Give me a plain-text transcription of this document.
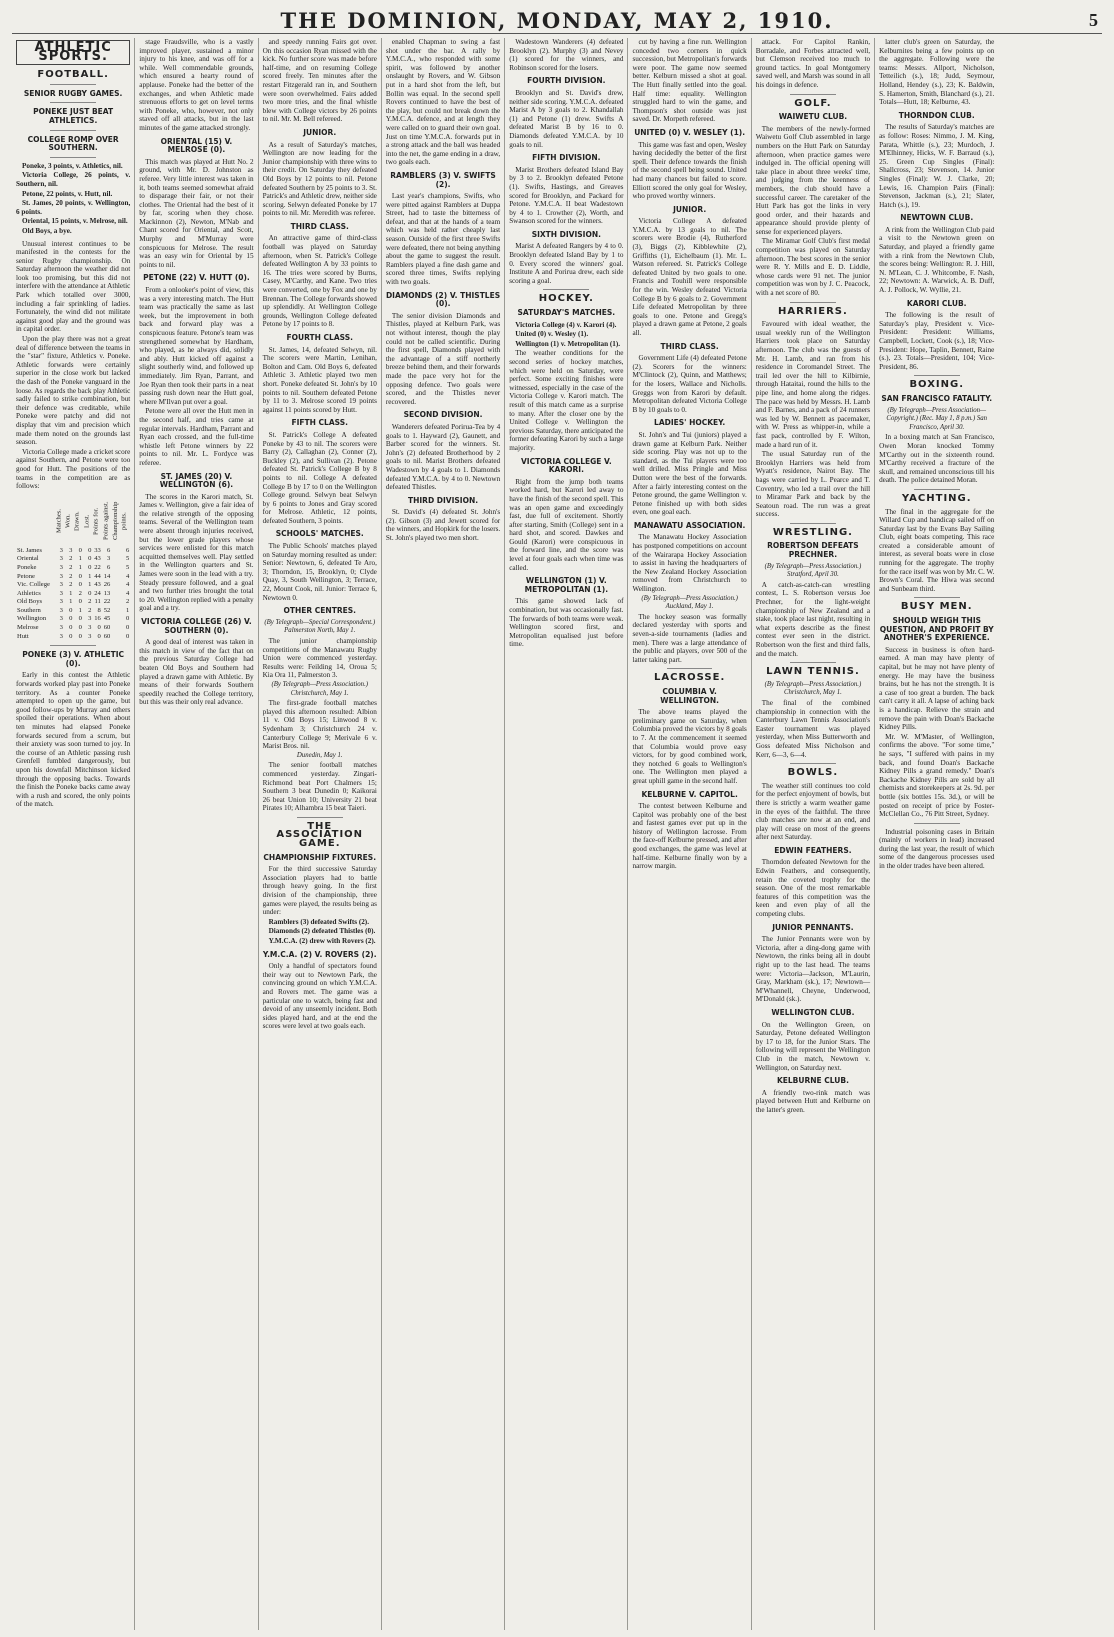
THE DOMINION, MONDAY, MAY 2, 1910.	5
ATHLETIC SPORTS.
FOOTBALL.
SENIOR RUGBY GAMES.
PONEKE JUST BEAT ATHLETICS.
COLLEGE ROMP OVER SOUTHERN.
Poneke, 3 points, v. Athletics, nil.
Victoria College, 26 points, v. Southern, nil.
Petone, 22 points, v. Hutt, nil.
St. James, 20 points, v. Wellington, 6 points.
Oriental, 15 points, v. Melrose, nil.
Old Boys, a bye.

Unusual interest continues to be manifested in the contests for the senior Rugby championship. On Saturday afternoon the weather did not look too promising, but this did not interfere with the attendance at Athletic Park which totalled over 3000, including a fair sprinkling of ladies. Fortunately, the wind did not militate against good play and the ground was in capital order.

Upon the play there was not a great deal of difference between the teams in the "star" fixture, Athletics v. Poneke. Athletic forwards were certainly superior in the close work but lacked the dash of the Poneke vanguard in the loose. As regards the back play Athletic sadly failed to strike combination, but their defence was creditable, while Poneke were patchy and did not display that vim and precision which made them noted on the grounds last season.

Victoria College made a cricket score against Southern, and Petone were too good for Hutt. The positions of the teams in the competition are as follows:

	Matches.	Won.	Drawn.	Lost.	Points for.	Points against.	Championship points.
St. James	3	3	0	0	33	6	6
Oriental	3	2	1	0	43	3	5
Poneke	3	2	1	0	22	6	5
Petone	3	2	0	1	44	14	4
Vic. College	3	2	0	1	43	26	4
Athletics	3	1	2	0	24	13	4
Old Boys	3	1	0	2	11	22	2
Southern	3	0	1	2	8	52	1
Wellington	3	0	0	3	16	45	0
Melrose	3	0	0	3	0	60	0
Hutt	3	0	0	3	0	60	0
PONEKE (3) V. ATHLETIC (0).

Early in this contest the Athletic forwards worked play past into Poneke territory. As a counter Poneke attempted to open up the game, but good follow-ups by Murray and others spoiled their operations. When about ten minutes had elapsed Poneke forwards secured from a scrum, but their anxiety was soon turned to joy. In the course of an Athletic passing rush Grenfell fumbled dangerously, but upon his downfall Mitchinson kicked through the opposing backs. Towards the finish the Poneke backs came away with a rush and scored, the only points of the match.

stage Fraudsville, who is a vastly improved player, sustained a minor injury to his knee, and was off for a while. Well commendable grounds, which ensured a hearty round of applause. Poneke had the better of the exchanges, and when Athletic made strenuous efforts to get on level terms with Poneke, who, however, not only staved off all attacks, but in the last minutes of the game attacked strongly.

ORIENTAL (15) V. MELROSE (0).

This match was played at Hutt No. 2 ground, with Mr. D. Johnston as referee. Very little interest was taken in it, both teams seemed somewhat afraid to disparage their fair, or not their clothes. The Oriental had the best of it by far, scoring when they chose. Mackinnon (2), Newton, M'Nab and Chant scored for Oriental, and Scott, Murphy and M'Murray were conspicuous for Melrose. The result was an easy win for Oriental by 15 points to nil.

PETONE (22) V. HUTT (0).

From a onlooker's point of view, this was a very interesting match. The Hutt team was practically the same as last week, but the improvement in both back and forward play was a conspicuous feature. Petone's team was strengthened somewhat by Hardham, who played, as he always did, solidly and ably. Hutt kicked off against a slight southerly wind, and followed up immediately. Jim Ryan, Parrant, and Joe Ryan then took their parts in a neat passing rush down near the Hutt goal, where M'Ilvan put over a goal.

Petone were all over the Hutt men in the second half, and tries came at regular intervals. Hardham, Parrant and Ryan each crossed, and the full-time whistle left Petone winners by 22 points to nil. Mr. L. Fordyce was referee.

ST. JAMES (20) V. WELLINGTON (6).

The scores in the Karori match, St. James v. Wellington, give a fair idea of the relative strength of the opposing teams. Several of the Wellington team were absent through injuries received, but the lower grade players whose services were enlisted for this match acquitted themselves well. Play settled in the Wellington quarters and St. James were soon in the lead with a try. Steady pressure followed, and a goal and two further tries brought the total to 20. Wellington replied with a penalty goal and a try.

VICTORIA COLLEGE (26) V. SOUTHERN (0).

A good deal of interest was taken in this match in view of the fact that on the previous Saturday College had beaten Old Boys and Southern had played a drawn game with Athletic. By means of their forwards Southern speedily reached the College territory, but this was their only real advance.

and speedy running Fairs got over. On this occasion Ryan missed with the kick. No further score was made before half-time, and on resuming College scored freely. Ten minutes after the restart Fitzgerald ran in, and Southern were soon overwhelmed. Fairs added two more tries, and the final whistle blew with College victors by 26 points to nil. Mr. M. Bell refereed.

JUNIOR.

As a result of Saturday's matches, Wellington are now leading for the Junior championship with three wins to their credit. On Saturday they defeated Old Boys by 12 points to nil. Petone defeated Southern by 25 points to 3. St. Patrick's and Athletic drew, neither side scoring. Selwyn defeated Poneke by 17 points to nil. Mr. Meredith was referee.

THIRD CLASS.

An attractive game of third-class football was played on Saturday afternoon, when St. Patrick's College defeated Wellington A by 33 points to 16. The tries were scored by Burns, Casey, M'Carthy, and Kane. Two tries were converted, one by Fox and one by Brennan. The College forwards showed up splendidly. At Wellington College grounds, Wellington College defeated Petone by 17 points to 8.

FOURTH CLASS.

St. James, 14, defeated Selwyn, nil. The scorers were Martin, Lenihan, Bolton and Cam. Old Boys 6, defeated Athletic 3. Athletic played two men short. Poneke defeated St. John's by 10 points to nil. Southern defeated Petone by 11 to 3. Melrose scored 19 points against 11 points scored by Hutt.

FIFTH CLASS.

St. Patrick's College A defeated Poneke by 43 to nil. The scorers were Barry (2), Callaghan (2), Conner (2), Buckley (2), and Sullivan (2). Petone defeated St. Patrick's College B by 8 points to nil. College A defeated College B by 17 to 0 on the Wellington College ground. Selwyn beat Selwyn by 6 points to Jones and Gray scored for Melrose. Athletic, 12 points, defeated Southern, 3 points.

SCHOOLS' MATCHES.

The Public Schools' matches played on Saturday morning resulted as under: Senior: Newtown, 6, defeated Te Aro, 3; Thorndon, 15, Brooklyn, 0; Clyde Quay, 3, South Wellington, 3; Terrace, 22, Mount Cook, nil. Junior: Terrace 6, Newtown 0.

OTHER CENTRES.
(By Telegraph—Special Correspondent.) Palmerston North, May 1.

The junior championship competitions of the Manawatu Rugby Union were commenced yesterday. Results were: Feilding 14, Oroua 5; Kia Ora 11, Palmerston 3.

(By Telegraph—Press Association.) Christchurch, May 1.

The first-grade football matches played this afternoon resulted: Albion 11 v. Old Boys 15; Linwood 8 v. Sydenham 3; Christchurch 24 v. Canterbury College 9; Merivale 6 v. Marist Bros. nil.

Dunedin, May 1.

The senior football matches commenced yesterday. Zingari-Richmond beat Port Chalmers 15; Southern 3 beat Dunedin 0; Kaikorai 26 beat Union 10; University 21 beat Pirates 10; Alhambra 15 beat Taieri.

THE ASSOCIATION GAME.
CHAMPIONSHIP FIXTURES.

For the third successive Saturday Association players had to battle through heavy going. In the first division of the championship, three games were played, the results being as under:

Ramblers (3) defeated Swifts (2).
Diamonds (2) defeated Thistles (0).
Y.M.C.A. (2) drew with Rovers (2).
Y.M.C.A. (2) V. ROVERS (2).

Only a handful of spectators found their way out to Newtown Park, the convincing ground on which Y.M.C.A. and Rovers met. The game was a particular one to watch, being fast and devoid of any unseemly incident. Both sides played hard, and at the end the scores were level at two goals each.

enabled Chapman to swing a fast shot under the bar. A rally by Y.M.C.A., who responded with some spirit, was followed by another onslaught by Rovers, and W. Gibson put in a hard shot from the left, but Bollin was equal. In the second spell Rovers continued to have the best of the play, but could not break down the Y.M.C.A. defence, and at length they were called on to guard their own goal. Just on time Y.M.C.A. forwards put in a strong attack and the ball was headed into the net, the game ending in a draw, two goals each.

RAMBLERS (3) V. SWIFTS (2).

Last year's champions, Swifts, who were pitted against Ramblers at Duppa Street, had to taste the bitterness of defeat, and that at the hands of a team which was held rather cheaply last season. Outside of the first three Swifts were defeated, there not being anything about the game to suggest the result. Ramblers played a fine dash game and scored three times, Swifts replying with two goals.

DIAMONDS (2) V. THISTLES (0).

The senior division Diamonds and Thistles, played at Kelburn Park, was not without interest, though the play could not be called scientific. During the first spell, Diamonds played with the advantage of a stiff northerly breeze behind them, and their forwards made the pace very hot for the opposing defence. Two goals were scored, and the Thistles never recovered.

SECOND DIVISION.

Wanderers defeated Porirua-Tea by 4 goals to 1. Hayward (2), Gaunett, and Barber scored for the winners. St. John's (2) defeated Brotherhood by 2 goals to nil. Marist Brothers defeated Wadestown by 4 goals to 1. Diamonds defeated Y.M.C.A. by 4 to 0. Newtown defeated Thistles.

THIRD DIVISION.

St. David's (4) defeated St. John's (2). Gibson (3) and Jewett scored for the winners, and Hopkirk for the losers. St. John's played two men short.

Wadestown Wanderers (4) defeated Brooklyn (2). Murphy (3) and Nevey (1) scored for the winners, and Robinson scored for the losers.

FOURTH DIVISION.

Brooklyn and St. David's drew, neither side scoring. Y.M.C.A. defeated Marist A by 3 goals to 2. Khandallah (1) and Petone (1) drew. Swifts A defeated Marist B by 16 to 0. Diamonds defeated Y.M.C.A. by 10 goals to nil.

FIFTH DIVISION.

Marist Brothers defeated Island Bay by 3 to 2. Brooklyn defeated Petone (1). Swifts, Hastings, and Greaves scored for Brooklyn, and Packard for Petone. Y.M.C.A. II beat Wadestown by 4 to 1. Crowther (2), Worth, and Swanson scored for the winners.

SIXTH DIVISION.

Marist A defeated Rangers by 4 to 0. Brooklyn defeated Island Bay by 1 to 0. Every scored the winners' goal. Institute A and Porirua drew, each side scoring a goal.

HOCKEY.
SATURDAY'S MATCHES.
Victoria College (4) v. Karori (4).
United (0) v. Wesley (1).
Wellington (1) v. Metropolitan (1).

The weather conditions for the second series of hockey matches, which were held on Saturday, were perfect. Some exciting finishes were witnessed, especially in the case of the Victoria College v. Karori match. The result of this match came as a surprise to many. After the closer one by the United College v. Wellington the previous Saturday, there anticipated the former defeating Karori by such a large majority.

VICTORIA COLLEGE V. KARORI.

Right from the jump both teams worked hard, but Karori led away to have the finish of the second spell. This was an open game and exceedingly fast, due full of excitement. Shortly after starting, Smith (College) sent in a hard shot, and scored. Dawkes and Gould (Karori) were conspicuous in the forward line, and the score was level at four goals each when time was called.

WELLINGTON (1) V. METROPOLITAN (1).

This game showed lack of combination, but was occasionally fast. The forwards of both teams were weak. Wellington scored first, and Metropolitan equalised just before time.

cut by having a fine run. Wellington conceded two corners in quick succession, but Metropolitan's forwards were poor. The game now seemed better. Kelburn missed a shot at goal. The Hutt finally settled into the goal. Half time: equality. Wellington struggled hard to win the game, and Thompson's shot outside was just saved. Dr. Morpeth refereed.

UNITED (0) V. WESLEY (1).

This game was fast and open, Wesley having decidedly the better of the first spell. Their defence towards the finish of the second spell being sound. United had many chances but failed to score. Elliott scored the only goal for Wesley, who proved worthy winners.

JUNIOR.

Victoria College A defeated Y.M.C.A. by 13 goals to nil. The scorers were Brodie (4), Rutherford (3), Biggs (2), Kibblewhite (2), Griffiths (1), Eichelbaum (1). Mr. L. Watson refereed. St. Patrick's College defeated United by two goals to one. Francis and Touhill were responsible for the win. Wesley defeated Victoria College B by 6 goals to 2. Government Life defeated Metropolitan by three goals to one. Petone and Gregg's played a drawn game at Petone, 2 goals all.

THIRD CLASS.

Government Life (4) defeated Petone (2). Scorers for the winners: M'Clintock (2), Quinn, and Matthews; for the losers, Wallace and Nicholls. Greggs won from Karori by default. Metropolitan defeated Victoria College B by 10 goals to 0.

LADIES' HOCKEY.

St. John's and Tui (juniors) played a drawn game at Kelburn Park. Neither side scoring. Play was not up to the standard, as the Tui players were too well drilled. Miss Pringle and Miss Dutton were the best of the forwards. After a fairly interesting contest on the Petone ground, the game Wellington v. Petone finished up with both sides even, one goal each.

MANAWATU ASSOCIATION.

The Manawatu Hockey Association has postponed competitions on account of the Wairarapa Hockey Association to assist in having the headquarters of the New Zealand Hockey Association removed from Christchurch to Wellington.

(By Telegraph—Press Association.) Auckland, May 1.

The hockey season was formally declared yesterday with sports and seven-a-side tournaments (ladies and men). There was a large attendance of the public and players, over 500 of the latter taking part.

LACROSSE.
COLUMBIA V. WELLINGTON.

The above teams played the preliminary game on Saturday, when Columbia proved the victors by 8 goals to 7. At the commencement it seemed that Columbia would prove easy victors, for by good combined work, they notched 6 goals to Wellington's one. The Wellington men played a great uphill game in the second half.

KELBURNE V. CAPITOL.

The contest between Kelburne and Capitol was probably one of the best and fastest games ever put up in the history of Wellington lacrosse. From the face-off Kelburne pressed, and after good exchanges, the game was level at half-time. Kelburne finally won by a narrow margin.

attack. For Capitol Rankin, Borradale, and Forbes attracted well, but Clemson received too much to ground tactics. In goal Montgomery saved well, and Marsh was sound in all his doings in defence.

GOLF.
WAIWETU CLUB.

The members of the newly-formed Waiwetu Golf Club assembled in large numbers on the Hutt Park on Saturday afternoon, when practice games were indulged in. The official opening will take place in about three weeks' time, and judging from the keenness of members, the club should have a successful career. The caretaker of the Hutt Park has got the links in very good order, and their hazards and appearance should provide plenty of sense for experienced players.

The Miramar Golf Club's first medal competition was played on Saturday afternoon. The best scores in the senior were R. Y. Mills and E. D. Liddle, whose cards were 91 net. The junior competition was won by J. C. Peacock, with a net score of 80.

HARRIERS.

Favoured with ideal weather, the usual weekly run of the Wellington Harriers took place on Saturday afternoon. The club was the guests of Mr. H. Lamb, and ran from his residence in Coromandel Street. The trail led over the hill to Kilbirnie, through Hataitai, round the hills to the pipe line, and home along the ridges. The pace was held by Messrs. H. Lamb and F. Barnes, and a pack of 24 runners was led by W. Bennett as pacemaker, with W. Press as whipper-in, while a fast pack, controlled by F. Wilton, made a hard run of it.

The usual Saturday run of the Brooklyn Harriers was held from Wyatt's residence, Nairot Bay. The bags were carried by L. Pearce and T. Coventry, who led a trail over the hill to Miramar Park and back by the Seatoun road. The run was a great success.

WRESTLING.
ROBERTSON DEFEATS PRECHNER.
(By Telegraph—Press Association.) Stratford, April 30.

A catch-as-catch-can wrestling contest, L. S. Robertson versus Joe Prechner, for the light-weight championship of New Zealand and a stake, took place last night, resulting in what experts describe as the finest contest ever seen in the district. Robertson won the first and third falls, and the match.

LAWN TENNIS.
(By Telegraph—Press Association.) Christchurch, May 1.

The final of the combined championship in connection with the Canterbury Lawn Tennis Association's Easter tournament was played yesterday, when Miss Butterworth and Goss defeated Miss Nicholson and Kerr, 6—3, 6—4.

BOWLS.

The weather still continues too cold for the perfect enjoyment of bowls, but there is strictly a warm weather game in the eyes of the faithful. The three club matches are now at an end, and play will cease on most of the greens after next Saturday.

EDWIN FEATHERS.

Thorndon defeated Newtown for the Edwin Feathers, and consequently, retain the coveted trophy for the season. One of the most remarkable features of this competition was the keen and even play of all the competing clubs.

JUNIOR PENNANTS.

The Junior Pennants were won by Victoria, after a ding-dong game with Newtown, the rinks being all in doubt right up to the last head. The teams were: Victoria—Jackson, M'Laurin, Gray, Markham (sk.), 17; Newtown—M'Whannell, Cheyne, Underwood, M'Donald (sk.).

WELLINGTON CLUB.

On the Wellington Green, on Saturday, Petone defeated Wellington by 17 to 18, for the Junior Stars. The following will represent the Wellington Club in the match, Newtown v. Wellington, on Saturday next.

KELBURNE CLUB.

A friendly two-rink match was played between Hutt and Kelburne on the latter's green.

latter club's green on Saturday, the Kelburnites being a few points up on the aggregate. Following were the teams: Messrs. Allport, Nicholson, Tetteilich (s.), 18; Judd, Seymour, Holland, Hendey (s.), 23; K. Baldwin, S. Hamerton, Smith, Blanchard (s.), 21. Totals—Hutt, 18; Kelburne, 43.

THORNDON CLUB.

The results of Saturday's matches are as follow: Roses: Nimmo, J. M. King, Parata, Whittle (s.), 23; Murdoch, J. M'Elhinney, Hicks, W. F. Barraud (s.), 25. Green Cup Singles (Final): Shallcross, 23; Stevenson, 14. Junior Singles (Final): W. J. Clarke, 20; Lewis, 16. Champion Pairs (Final): Stevenson, Jackman (s.), 21; Slater, Hatch (s.), 19.

NEWTOWN CLUB.

A rink from the Wellington Club paid a visit to the Newtown green on Saturday, and played a friendly game with a rink from the Newtown Club, the scores being: Wellington: R. J. Hill, N. M'Lean, C. J. Whitcombe, F. Nash, 22; Newtown: A. Warwick, A. B. Duff, A. J. Pollock, W. Wyllie, 21.

KARORI CLUB.

The following is the result of Saturday's play, President v. Vice-President: President: Williams, Campbell, Lockett, Cook (s.), 18; Vice-President: Hope, Taplin, Bennett, Raine (s.), 23. Totals—President, 104; Vice-President, 86.

BOXING.
SAN FRANCISCO FATALITY.
(By Telegraph—Press Association—Copyright.) (Rec. May 1, 8 p.m.) San Francisco, April 30.

In a boxing match at San Francisco, Owen Moran knocked Tommy M'Carthy out in the sixteenth round. M'Carthy received a fracture of the skull, and remained unconscious till his death. The police detained Moran.

YACHTING.

The final in the aggregate for the Willard Cup and handicap sailed off on Saturday last by the Evans Bay Sailing Club, eight boats competing. This race created a considerable amount of interest, as several boats were in close running for the aggregate. The trophy for the race itself was won by Mr. C. W. Brown's Coral. The Hiwa was second and Sunbeam third.

BUSY MEN.
SHOULD WEIGH THIS QUESTION, AND PROFIT BY ANOTHER'S EXPERIENCE.

Success in business is often hard-earned. A man may have plenty of capital, but he may not have plenty of energy. He may have the business brains, but he has not the strength. It is a case of too great a burden. The back can't carry it all. A lapse of aching back is a handicap. Relieve the strain and remove the pain with Doan's Backache Kidney Pills.

Mr. W. M'Master, of Wellington, confirms the above. "For some time," he says, "I suffered with pains in my back, and found Doan's Backache Kidney Pills a grand remedy." Doan's Backache Kidney Pills are sold by all chemists and storekeepers at 2s. 9d. per bottle (six bottles 15s. 3d.), or will be posted on receipt of price by Foster-McClellan Co., 76 Pitt Street, Sydney.

Industrial poisoning cases in Britain (mainly of workers in lead) increased during the last year, the result of which some of the dangerous processes used in the older trades have been altered.
